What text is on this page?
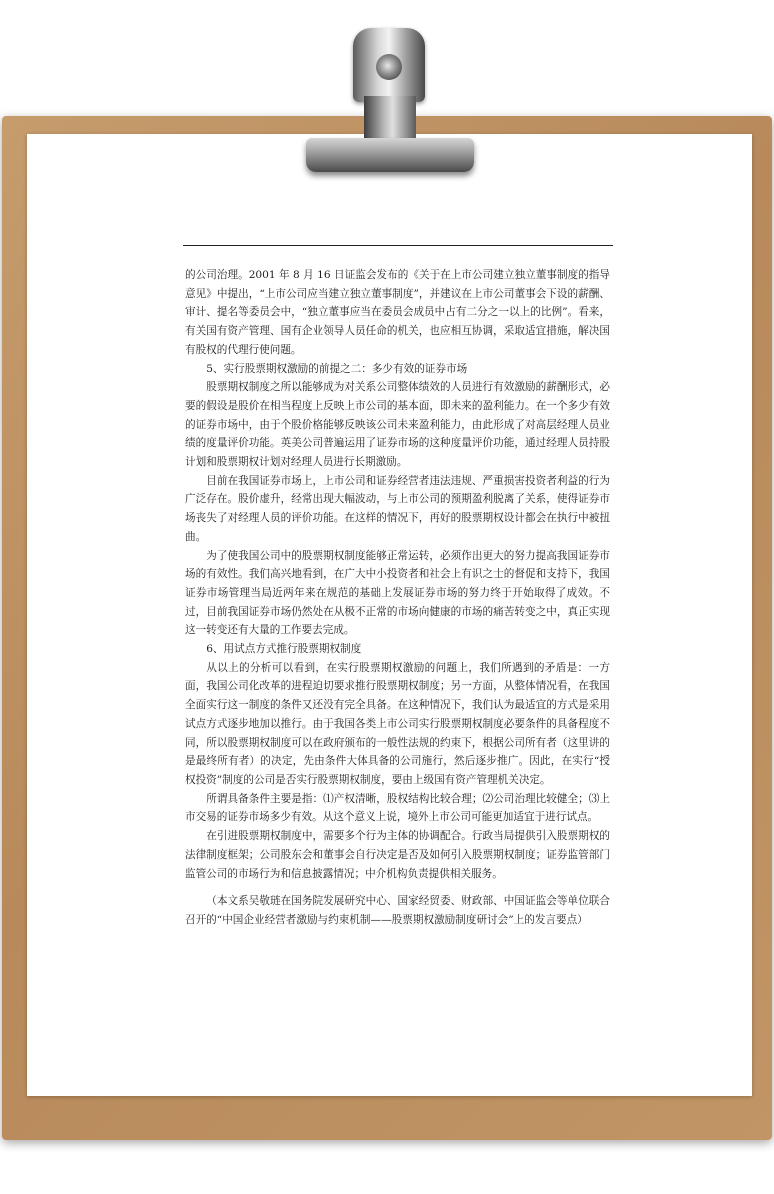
的公司治理。2001 年 8 月 16 日证监会发布的《关于在上市公司建立独立董事制度的指导意见》中提出，“上市公司应当建立独立董事制度”，并建议在上市公司董事会下设的薪酬、审计、提名等委员会中，“独立董事应当在委员会成员中占有二分之一以上的比例”。看来，有关国有资产管理、国有企业领导人员任命的机关，也应相互协调，采取适宜措施，解决国有股权的代理行使问题。

5、实行股票期权激励的前提之二：多少有效的证券市场

股票期权制度之所以能够成为对关系公司整体绩效的人员进行有效激励的薪酬形式，必要的假设是股价在相当程度上反映上市公司的基本面，即未来的盈利能力。在一个多少有效的证券市场中，由于个股价格能够反映该公司未来盈利能力，由此形成了对高层经理人员业绩的度量评价功能。英美公司普遍运用了证券市场的这种度量评价功能，通过经理人员持股计划和股票期权计划对经理人员进行长期激励。

目前在我国证券市场上，上市公司和证券经营者违法违规、严重损害投资者利益的行为广泛存在。股价虚升，经常出现大幅波动，与上市公司的预期盈利脱离了关系，使得证券市场丧失了对经理人员的评价功能。在这样的情况下，再好的股票期权设计都会在执行中被扭曲。

为了使我国公司中的股票期权制度能够正常运转，必须作出更大的努力提高我国证券市场的有效性。我们高兴地看到，在广大中小投资者和社会上有识之士的督促和支持下，我国证券市场管理当局近两年来在规范的基础上发展证券市场的努力终于开始取得了成效。不过，目前我国证券市场仍然处在从极不正常的市场向健康的市场的痛苦转变之中，真正实现这一转变还有大量的工作要去完成。

6、用试点方式推行股票期权制度

从以上的分析可以看到，在实行股票期权激励的问题上，我们所遇到的矛盾是：一方面，我国公司化改革的进程迫切要求推行股票期权制度；另一方面，从整体情况看，在我国全面实行这一制度的条件又还没有完全具备。在这种情况下，我们认为最适宜的方式是采用试点方式逐步地加以推行。由于我国各类上市公司实行股票期权制度必要条件的具备程度不同，所以股票期权制度可以在政府颁布的一般性法规的约束下，根据公司所有者（这里讲的是最终所有者）的决定，先由条件大体具备的公司施行，然后逐步推广。因此，在实行“授权投资”制度的公司是否实行股票期权制度，要由上级国有资产管理机关决定。

所谓具备条件主要是指：⑴产权清晰，股权结构比较合理；⑵公司治理比较健全；⑶上市交易的证券市场多少有效。从这个意义上说，境外上市公司可能更加适宜于进行试点。

在引进股票期权制度中，需要多个行为主体的协调配合。行政当局提供引入股票期权的法律制度框架；公司股东会和董事会自行决定是否及如何引入股票期权制度；证券监管部门监管公司的市场行为和信息披露情况；中介机构负责提供相关服务。

（本文系吴敬琏在国务院发展研究中心、国家经贸委、财政部、中国证监会等单位联合召开的“中国企业经营者激励与约束机制——股票期权激励制度研讨会”上的发言要点）
